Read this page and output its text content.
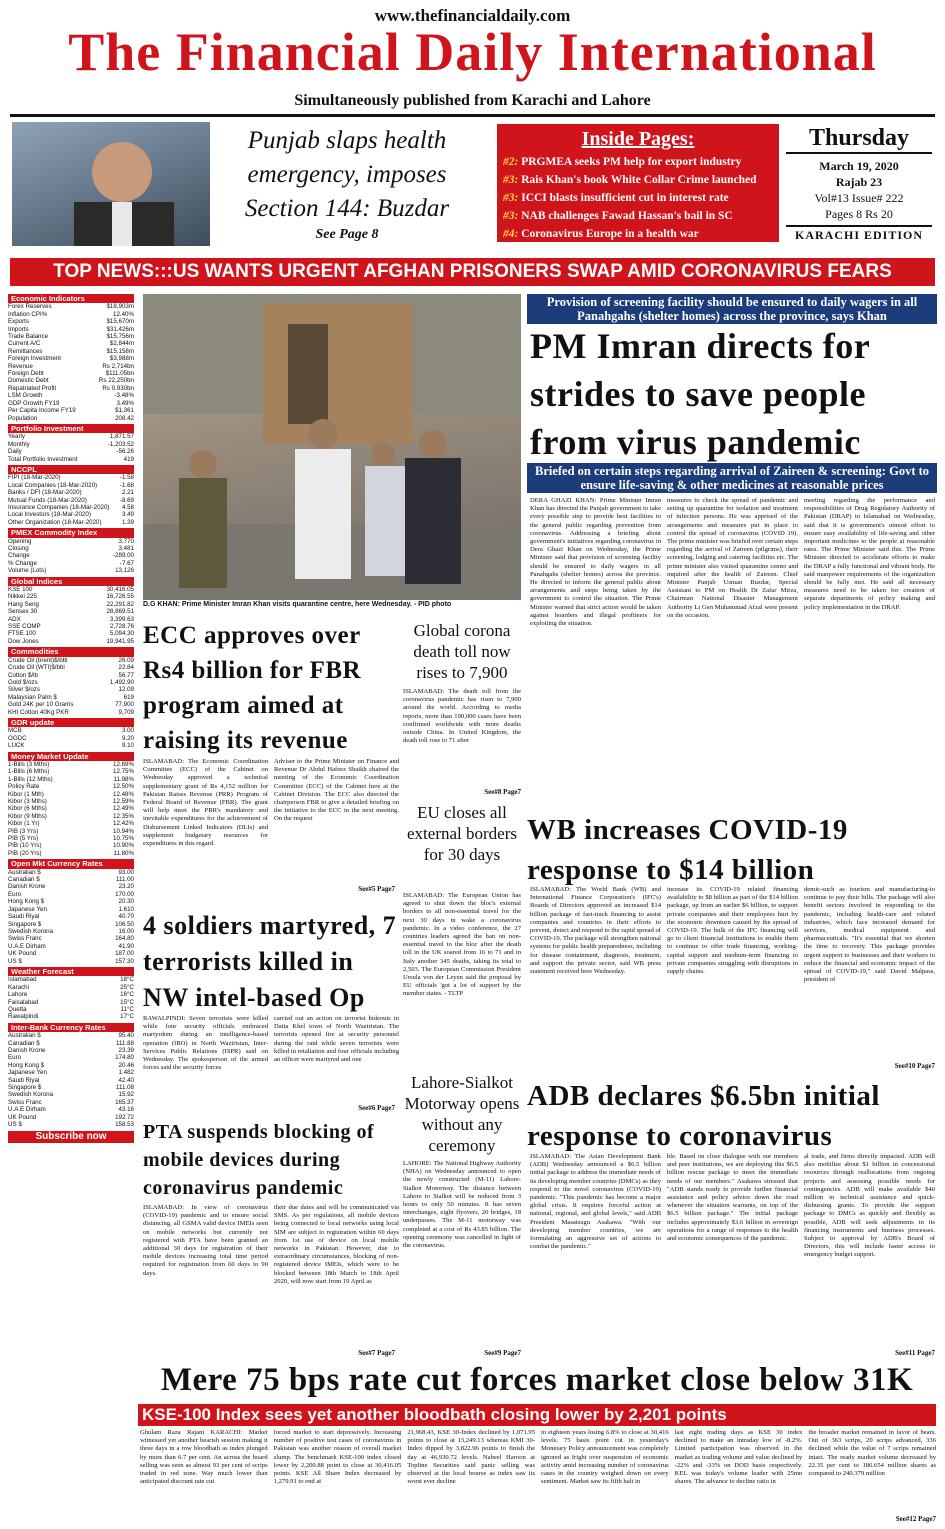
www.thefinancialdaily.com
The Financial Daily International
Simultaneously published from Karachi and Lahore
Punjab slaps health
emergency, imposes
Section 144: Buzdar
See Page 8
Inside Pages:
#2: PRGMEA seeks PM help for export industry
#3: Rais Khan's book White Collar Crime launched
#3: ICCI blasts insufficient cut in interest rate
#3: NAB challenges Fawad Hassan's bail in SC
#4: Coronavirus Europe in a health war
Thursday
March 19, 2020
Rajab 23
Vol#13 Issue# 222
Pages 8 Rs 20
KARACHI EDITION
TOP NEWS:::US WANTS URGENT AFGHAN PRISONERS SWAP AMID CORONAVIRUS FEARS
Economic Indicators
Forex Reserves	$18,903m
Inflation CPI%	12.40%
Exports	$15,670m
Imports	$31,426m
Trade Balance	$15,756m
Current A/C	$2,844m
Remittances	$15,158m
Foreign Investment	$3,988m
Revenue	Rs 2,714bn
Foreign Debt	$111.05bn
Domestic Debt	Rs 22,250bn
Repatriated Profit	Rs 0.930bn
LSM Growth	-3.48%
GDP Growth FY19	3.49%
Per Capita Income FY19	$1,361
Population	208.42
Portfolio Investment
Yearly	1,871.57
Monthly	-1,203.52
Daily	-56.26
Total Portfolio Investment	419
NCCPL
FIPI (18-Mar-2020)	-1.58
Local Companies (18-Mar-2020)	-1.68
Banks / DFI (18-Mar-2020)	2.21
Mutual Funds (18-Mar-2020)	-8.69
Insurance Companies (18-Mar-2020) 4.58
Local Investors (18-Mar-2020)	3.49
Other Organization (18-Mar-2020)	1.39
PMEX Commodity Index
Opening	3,770
Closing	3,481
Change	-289.00
% Change	-7.67
Volume (Lots)	13,126
Global Indices
KSE 100	30,416.05
Nikkei 225	16,726.55
Hang Seng	22,291.82
Sensex 30	28,869.51
ADX	3,399.63
SSE COMP	2,728.76
FTSE 100	5,094.30
Dow Jones	19,941.95
Commodities
Crude Oil (brent)$/bbl	26.09
Crude Oil (WTI)$/bbl	22.84
Cotton $/lb	56.77
Gold $/ozs	1,492.90
Silver $/ozs	12.09
Malaysian Palm $	619
Gold 24K per 10 Grams	77,900
KHI Cotton 40Kg PKR	9,709
GDR update
MCB	3.00
OGDC	9.20
LUCK	9.10
Money Market Update
1-Bills (3 Mths)	12.69%
1-Bills (6 Mths)	12.75%
1-Bills (12 Mths)	11.98%
Policy Rate	12.50%
Kibor (1 Mth)	12.48%
Kibor (3 Mths)	12.59%
Kibor (6 Mths)	12.49%
Kibor (9 Mths)	12.35%
Kibor (1 Yr)	12.42%
PIB (3 Yrs)	10.94%
PIB (5 Yrs)	10.75%
PIB (10 Yrs)	10.90%
PIB (20 Yrs)	11.80%
Open Mkt Currency Rates
Australian $	93.00
Canadian $	111.00
Danish Krone	23.20
Euro	170.00
Hong Kong $	20.30
Japanese Yen	1.610
Saudi Riyal	40.70
Singapore $	106.50
Swedish Korona	16.00
Swiss Franc	164.80
U.A.E Dirham	41.90
UK Pound	187.00
US $	157.30
Weather Forecast
Islamabad	18°C
Karachi	25°C
Lahore	16°C
Faisalabad	15°C
Quetta	11°C
Rawalpindi	17°C
Inter-Bank Currency Rates
Australian $	95.40
Canadian $	111.88
Danish Krone	23.39
Euro	174.80
Hong Kong $	20.46
Japanese Yen	1.482
Saudi Riyal	42.40
Singapore $	111.08
Swedish Korona	15.92
Swiss Franc	165.37
U.A.E Dirham	43.16
UK Pound	192.72
US $	158.53
Subscribe now
D.G KHAN: Prime Minister Imran Khan visits quarantine centre, here Wednesday. - PID photo
Provision of screening facility should be ensured to daily wagers in all Panahgahs (shelter homes) across the province, says Khan
PM Imran directs for strides to save people from virus pandemic
Briefed on certain steps regarding arrival of Zaireen & screening: Govt to ensure life-saving & other medicines at reasonable prices
DERA GHAZI KHAN: Prime Minister Imran Khan has directed the Punjab government to take every possible step to provide best facilities to the general public regarding prevention from coronavirus. Addressing a briefing about government's initiatives regarding coronavirus in Dera Ghazi Khan on Wednesday, the Prime Minister said that provision of screening facility should be ensured to daily wagers in all Panahgahs (shelter homes) across the province. He directed to inform the general public about arrangements and steps being taken by the government to control the situation. The Prime Minister warned that strict action would be taken against hoarders and illegal profiteers for exploiting the situation.
measures to check the spread of pandemic and setting up quarantine for isolation and treatment of infection persons. He was apprised of the arrangements and measures put in place to control the spread of coronavirus (COVID 19). The prime minister was briefed over certain steps regarding the arrival of Zaireen (pilgrims), their screening, lodging and catering facilities etc. The prime minister also visited quarantine center and inquired after the health of Zaireen. Chief Minister Punjab Usman Buzdar, Special Assistant to PM on Health Dr Zafar Mirza, Chairman National Disaster Management Authority Lt Gen Muhammad Afzal were present on the occasion.
meeting regarding the performance and responsibilities of Drug Regulatory Authority of Pakistan (DRAP) in Islamabad on Wednesday, said that it is government's utmost effort to ensure easy availability of life-saving and other important medicines to the people at reasonable rates. The Prime Minister said this. The Prime Minister directed to accelerate efforts to make the DRAP a fully functional and vibrant body. He said manpower requirements of the organization should be fully met. He said all necessary measures need to be taken for creation of separate departments of policy making and policy implementation in the DRAP.
ECC approves over Rs4 billion for FBR program aimed at raising its revenue
ISLAMABAD: The Economic Coordination Committee (ECC) of the Cabinet on Wednesday approved a technical supplementary grant of Rs 4,152 million for Pakistan Raises Revenue (PRR) Program of Federal Board of Revenue (FBR). The grant will help meet the PRR's mandatory and inevitable expenditures for the achievement of Disbursement Linked Indicators (DLIs) and supplement budgetary resources for expenditures in this regard.
Adviser to the Prime Minister on Finance and Revenue Dr Abdul Hafeez Shaikh chaired the meeting of the Economic Coordination Committee (ECC) of the Cabinet here at the Cabinet Division. The ECC also directed the chairperson FBR to give a detailed briefing on the initiative to the ECC in the next meeting. On the request
See#5 Page7
Global corona death toll now rises to 7,900
ISLAMABAD: The death toll from the coronavirus pandemic has risen to 7,900 around the world. According to media reports, more than 190,000 cases have been confirmed worldwide with more deaths outside China. In United Kingdom, the death toll rose to 71 after
See#8 Page7
EU closes all external borders for 30 days
ISLAMABAD: The European Union has agreed to shut down the bloc's external borders to all non-essential travel for the next 30 days in wake a coronavirus pandemic. In a video conference, the 27 countries leaders agreed the ban on non-essential travel to the bloc after the death toll in the UK soared from 16 to 71 and in Italy another 345 deaths, taking its total to 2,503. The European Commission President Ursula von der Leyen said the proposal by EU officials 'got a lot of support by the member states. - TLTP
4 soldiers martyred, 7 terrorists killed in NW intel-based Op
RAWALPINDI: Seven terrorists were killed while four security officials embraced martyrdom during an intelligence-based operation (IBO) in North Waziristan, Inter-Services Public Relations (ISPR) said on Wednesday. The spokesperson of the armed forces said the security forces
carried out an action on terrorist hideouts in Datta Khel town of North Waziristan. The terrorists opened fire at security personnel during the raid while seven terrorists were killed in retaliation and four officials including an officer were martyred and one
See#6 Page7
WB increases COVID-19 response to $14 billion
ISLAMABAD: The World Bank (WB) and International Finance Corporation's (IFC's) Boards of Directors approved an increased $14 billion package of fast-track financing to assist companies and countries in their efforts to prevent, detect and respond to the rapid spread of COVID-19. The package will strengthen national systems for public health preparedness, including for disease containment, diagnosis, treatment, and support the private sector, said WB press statement received here Wednesday.
increase its COVID-19 related financing availability to $8 billion as part of the $14 billion package, up from an earlier $6 billion, to support private companies and their employees hurt by the economic downturn caused by the spread of COVID-19. The bulk of the IFC financing will go to client financial institutions to enable them to continue to offer trade financing, working-capital support and medium-term financing to private companies struggling with disruptions in supply chains.
demic-such as tourism and manufacturing-to continue to pay their bills. The package will also benefit sectors involved in responding to the pandemic, including health-care and related industries, which face increased demand for services, medical equipment and pharmaceuticals. "It's essential that we shorten the time to recovery. This package provides urgent support to businesses and their workers to reduce the financial and economic impact of the spread of COVID-19," said David Malpass, president of
See#10 Page7
PTA suspends blocking of mobile devices during coronavirus pandemic
ISLAMABAD: In view of coronavirus (COVID-19) pandemic and to ensure social distancing, all GSMA valid device IMEIs seen on mobile networks but currently not registered with PTA have been granted an additional 30 days for registration of their mobile devices increasing total time period required for registration from 60 days to 90 days.
their due dates and will be communicated via SMS. As per regulations, all mobile devices being connected to local networks using local SIM are subject to registration within 60 days from 1st use of device on local mobile networks in Pakistan. However, due to extraordinary circumstances, blocking of non-registered device IMEIs, which were to be blocked between 18th March to 18th April 2020, will now start from 19 April as
See#7 Page7
Lahore-Sialkot Motorway opens without any ceremony
LAHORE: The National Highway Authority (NHA) on Wednesday announced to open the newly constructed (M-11) Lahore-Sialkot Motorway. The distance between Lahore to Sialkot will be reduced from 3 hours to only 50 minutes. It has seven interchanges, eight flyovers, 20 bridges, 18 underpasses. The M-11 motorway was completed at a cost of Rs 43.85 billion. The opening ceremony was cancelled in light of the coronavirus.
See#9 Page7
ADB declares $6.5bn initial response to coronavirus
ISLAMABAD: The Asian Development Bank (ADB) Wednesday announced a $6.5 billion initial package to address the immediate needs of its developing member countries (DMCs) as they respond to the novel coronavirus (COVID-19) pandemic. "This pandemic has become a major global crisis. It requires forceful action at national, regional, and global levels," said ADB President Masatsugu Asakawa. "With our developing member countries, we are formulating an aggressive set of actions to combat the pandemic."
ble. Based on close dialogue with our members and peer institutions, we are deploying this $6.5 billion rescue package to meet the immediate needs of our members." Asakawa stressed that "ADB stands ready to provide further financial assistance and policy advice down the road whenever the situation warrants, on top of the $6.5 billion package." The initial package includes approximately $3.6 billion in sovereign operations for a range of responses to the health and economic consequences of the pandemic.
al trade, and firms directly impacted. ADB will also mobilize about $1 billion in concessional resources through reallocations from ongoing projects and assessing possible needs for contingencies. ADB will make available $40 million in technical assistance and quick-disbursing grants. To provide the support package to DMCs as quickly and flexibly as possible, ADB will seek adjustments in its financing instruments and business processes. Subject to approval by ADB's Board of Directors, this will include faster access to emergency budget support.
See#11 Page7
Mere 75 bps rate cut forces market close below 31K
KSE-100 Index sees yet another bloodbath closing lower by 2,201 points
Ghulam Raza Rajani KARACHI: Market witnessed yet another bearish session making it three days in a row bloodbath as index plunged by more than 6.7 per cent. An across the board selling was seen as almost 93 per cent of scrips traded in red zone. Way much lower than anticipated discount rate cut
forced market to start depressively. Increasing number of positive test cases of coronavirus in Pakistan was another reason of overall market slump. The benchmark KSE-100 index closed lower by 2,200.88 point to close at 30,416.05 points. KSE All Share Index decreased by 1,279.91 to end at
21,968.43, KSE 30-Index declined by 1,071.95 points to close at 13,249.13 whereas KMI 30-Index dipped by 3,822.96 points to finish the day at 46,930.72 levels. Nabeel Haroon at Topline Securities said panic selling was observed at the local bourse as index saw its worst ever decline
in eighteen years losing 6.8% to close at 30,416 levels. 75 basis point cut in yesterday's Monetary Policy announcement was completely ignored as fright over suspension of economic activity amid increasing number of coronavirus cases in the country weighed down on every sentiment. Market saw its fifth halt in
last eight trading days as KSE 30 index declined to make an intraday low of -8.2%. Limited participation was observed in the market as trading volume and value declined by -22% and -33% on DOD basis respectively. KEL was today's volume leader with 25mn shares. The advance to decline ratio in
the broader market remained in favor of bears. Out of 363 scrips, 20 scrips advanced, 336 declined while the value of 7 scrips remained intact. The ready market volume decreased by 22.35 per cent to 186.654 million shares as compared to 240.379 million
See#12 Page7
